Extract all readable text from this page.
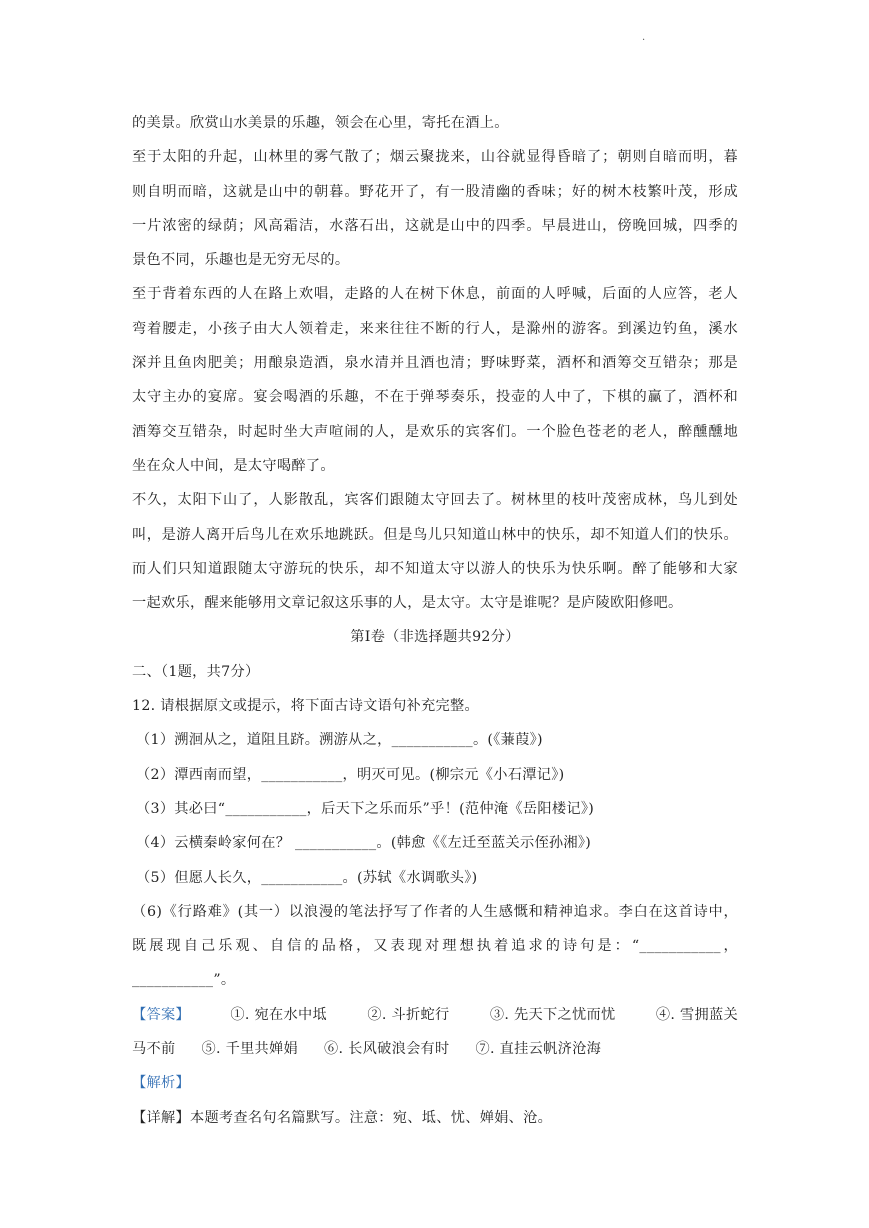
.
的美景。欣赏山水美景的乐趣，领会在心里，寄托在酒上。
至于太阳的升起，山林里的雾气散了；烟云聚拢来，山谷就显得昏暗了；朝则自暗而明，暮
则自明而暗，这就是山中的朝暮。野花开了，有一股清幽的香味；好的树木枝繁叶茂，形成
一片浓密的绿荫；风高霜洁，水落石出，这就是山中的四季。早晨进山，傍晚回城，四季的
景色不同，乐趣也是无穷无尽的。
至于背着东西的人在路上欢唱，走路的人在树下休息，前面的人呼喊，后面的人应答，老人
弯着腰走，小孩子由大人领着走，来来往往不断的行人，是滁州的游客。到溪边钓鱼，溪水
深并且鱼肉肥美；用酿泉造酒，泉水清并且酒也清；野味野菜，酒杯和酒筹交互错杂；那是
太守主办的宴席。宴会喝酒的乐趣，不在于弹琴奏乐，投壶的人中了，下棋的赢了，酒杯和
酒筹交互错杂，时起时坐大声喧闹的人，是欢乐的宾客们。一个脸色苍老的老人，醉醺醺地
坐在众人中间，是太守喝醉了。
不久，太阳下山了，人影散乱，宾客们跟随太守回去了。树林里的枝叶茂密成林，鸟儿到处
叫，是游人离开后鸟儿在欢乐地跳跃。但是鸟儿只知道山林中的快乐，却不知道人们的快乐。
而人们只知道跟随太守游玩的快乐，却不知道太守以游人的快乐为快乐啊。醉了能够和大家
一起欢乐，醒来能够用文章记叙这乐事的人，是太守。太守是谁呢？是庐陵欧阳修吧。
第Ⅰ卷（非选择题共92分）
二、（1题，共7分）
12. 请根据原文或提示，将下面古诗文语句补充完整。
（1）溯洄从之，道阻且跻。溯游从之，___________。(《蒹葭》)
（2）潭西南而望，___________，明灭可见。(柳宗元《小石潭记》)
（3）其必曰“___________，后天下之乐而乐”乎！(范仲淹《岳阳楼记》)
（4）云横秦岭家何在？ ___________。(韩愈《《左迁至蓝关示侄孙湘》)
（5）但愿人长久，___________。(苏轼《水调歌头》)
（6)《行路难》(其一）以浪漫的笔法抒写了作者的人生感慨和精神追求。李白在这首诗中，
既展现自己乐观、自信的品格，又表现对理想执着追求的诗句是：“___________，
___________”。
【答案】	①. 宛在水中坻	②. 斗折蛇行	③. 先天下之忧而忧	④. 雪拥蓝关
马不前 ⑤. 千里共婵娟 ⑥. 长风破浪会有时 ⑦. 直挂云帆济沧海
【解析】
【详解】本题考查名句名篇默写。注意：宛、坻、忧、婵娟、沧。
